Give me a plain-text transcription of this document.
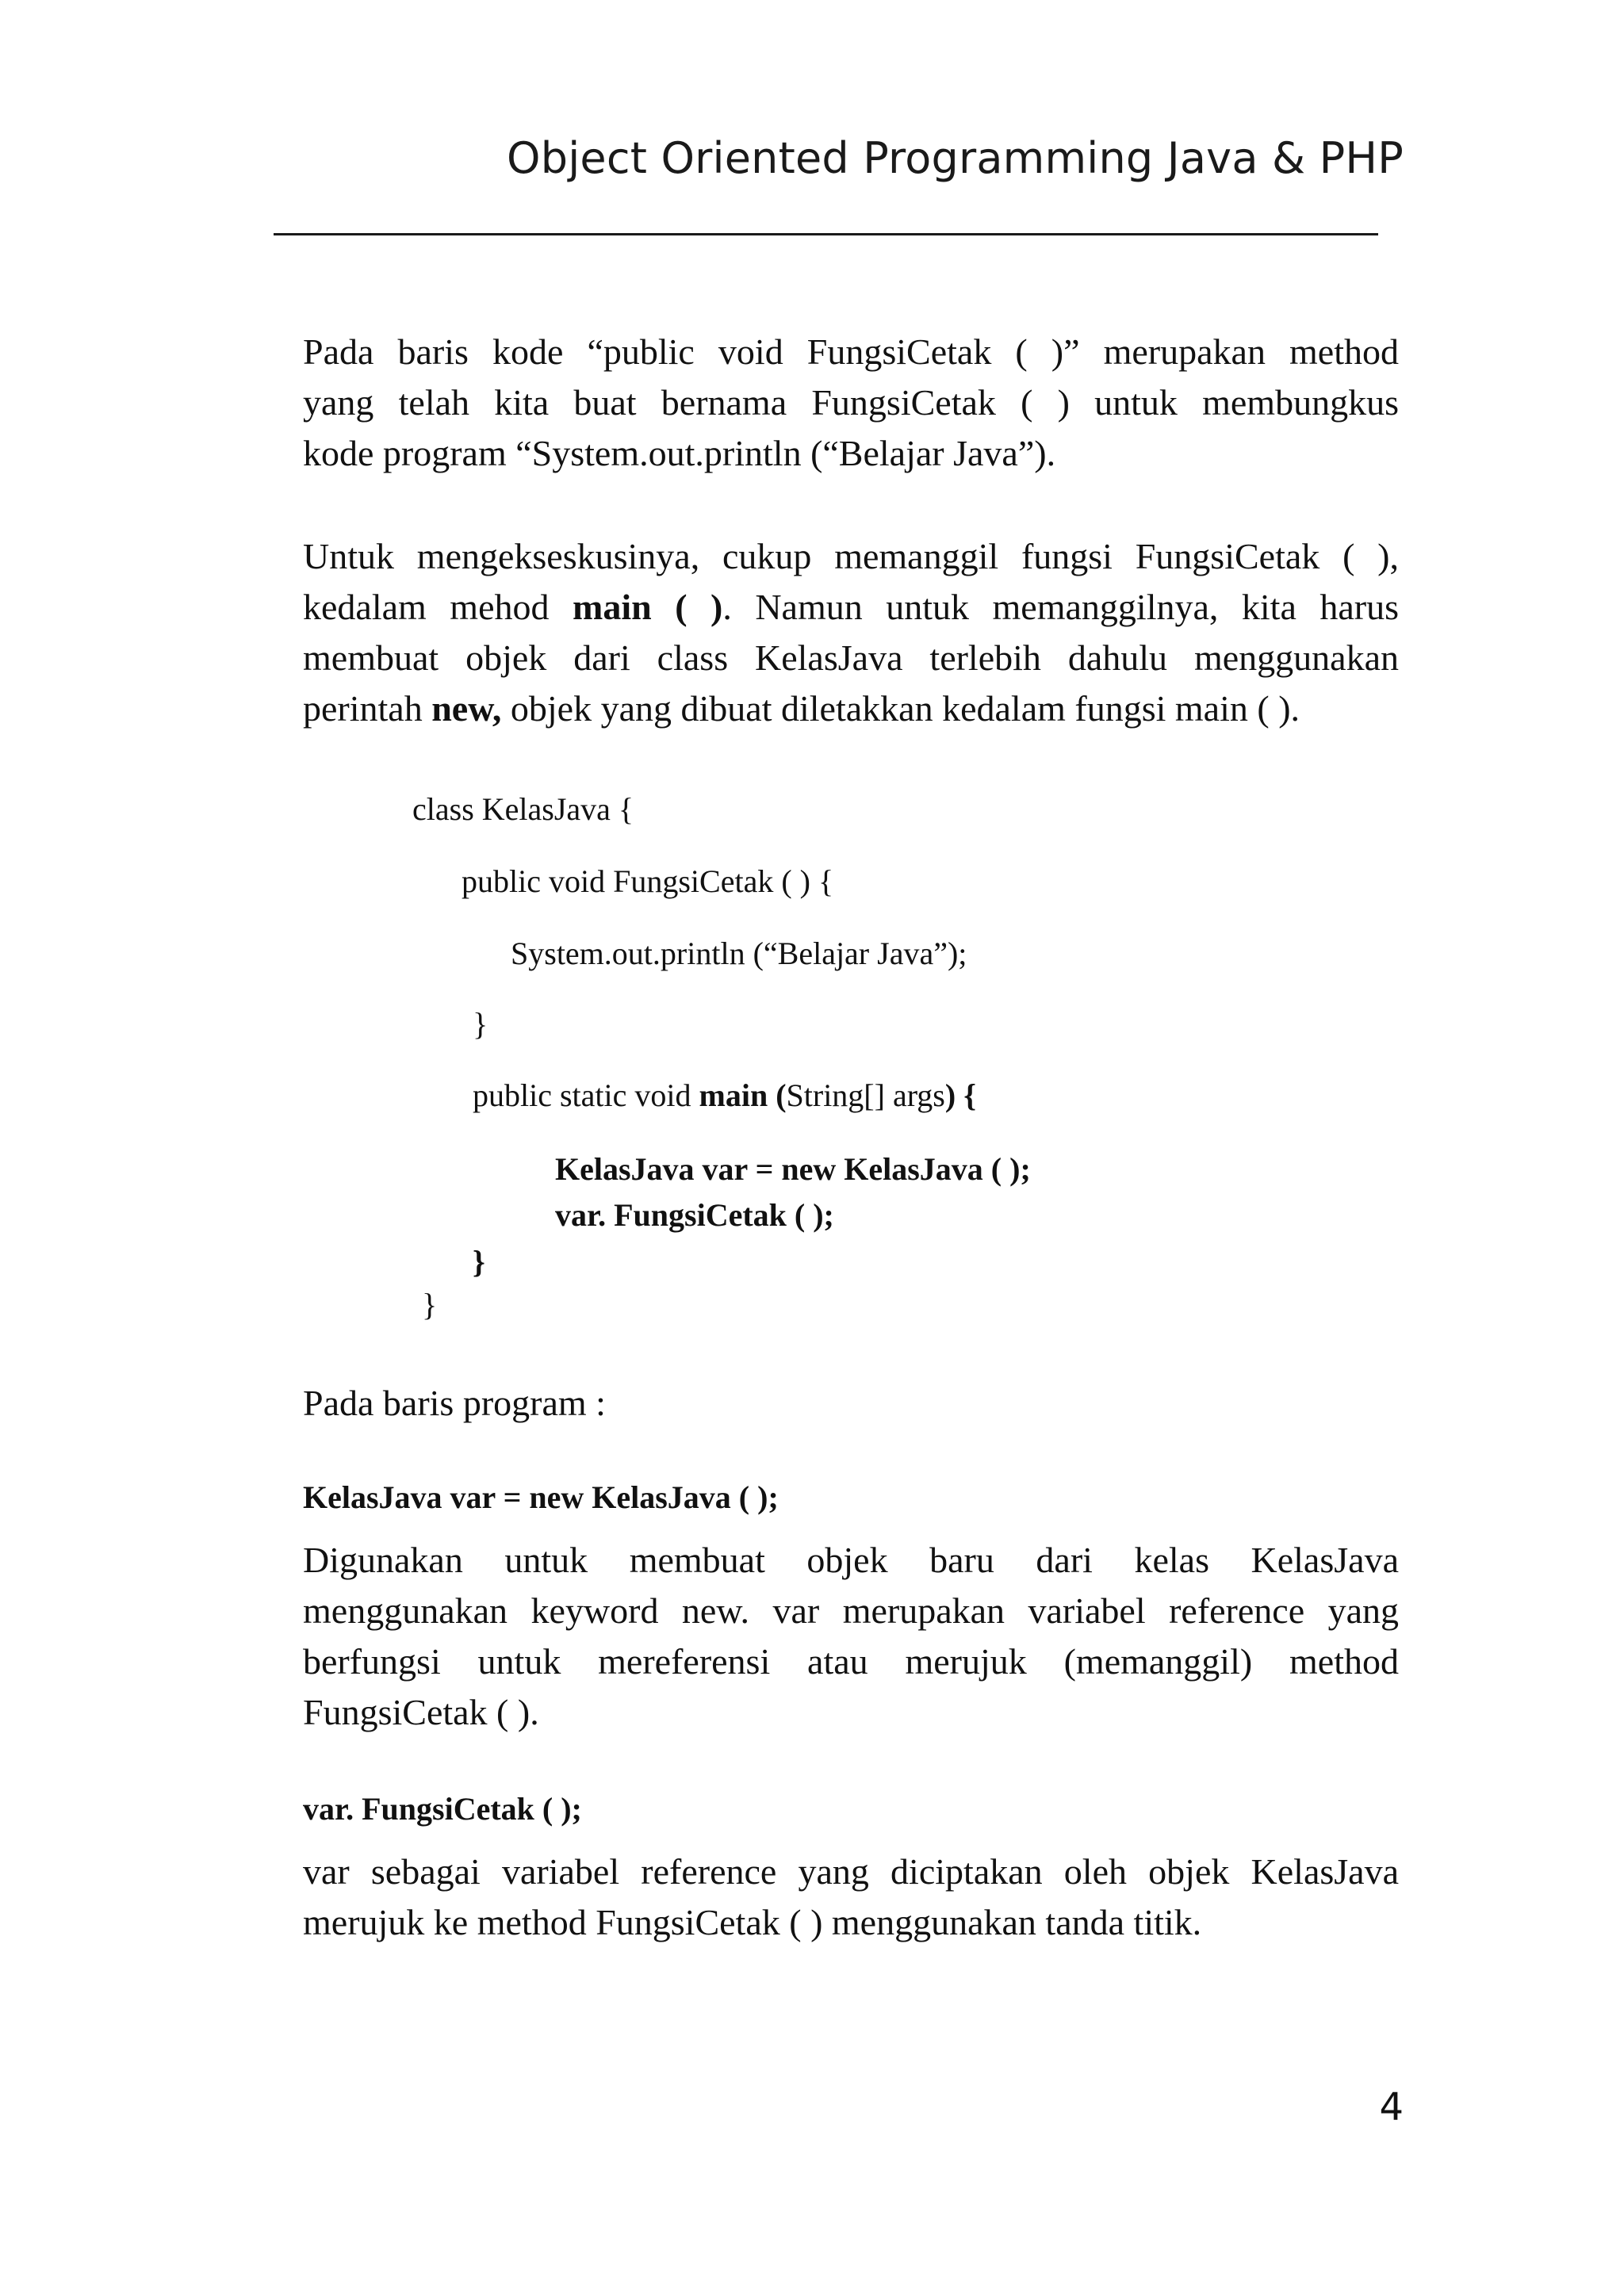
Object Oriented Programming Java & PHP
Pada baris kode “public void FungsiCetak ( )” merupakan method
yang telah kita buat bernama FungsiCetak ( ) untuk membungkus
kode program “System.out.println (“Belajar Java”).
Untuk mengekseskusinya, cukup memanggil fungsi FungsiCetak ( ),
kedalam mehod main ( ). Namun untuk memanggilnya, kita harus
membuat objek dari class KelasJava terlebih dahulu menggunakan
perintah new, objek yang dibuat diletakkan kedalam fungsi main ( ).
class KelasJava {
public void FungsiCetak ( ) {
System.out.println (“Belajar Java”);
}
public static void main (String[] args) {
KelasJava var = new KelasJava ( );
var. FungsiCetak ( );
}
}
Pada baris program :
KelasJava var = new KelasJava ( );
Digunakan untuk membuat objek baru dari kelas KelasJava
menggunakan keyword new. var merupakan variabel reference yang
berfungsi untuk mereferensi atau merujuk (memanggil) method
FungsiCetak ( ).
var. FungsiCetak ( );
var sebagai variabel reference yang diciptakan oleh objek KelasJava
merujuk ke method FungsiCetak ( ) menggunakan tanda titik.
4
